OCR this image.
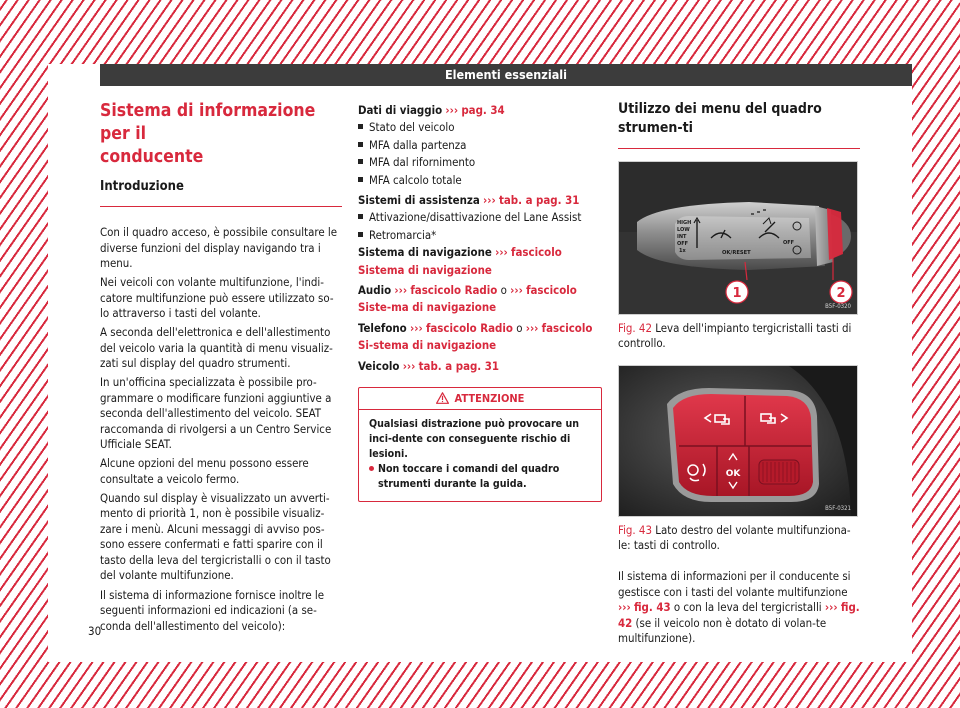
Elementi essenziali
Sistema di informazione per il
conducente
Introduzione

Con il quadro acceso, è possibile consultare le diverse funzioni del display navigando tra i menu.

Nei veicoli con volante multifunzione, l'indi-catore multifunzione può essere utilizzato so-lo attraverso i tasti del volante.

A seconda dell'elettronica e dell'allestimento del veicolo varia la quantità di menu visualiz-zati sul display del quadro strumenti.

In un'officina specializzata è possibile pro-grammare o modificare funzioni aggiuntive a seconda dell'allestimento del veicolo. SEAT raccomanda di rivolgersi a un Centro Service Ufficiale SEAT.

Alcune opzioni del menu possono essere consultate a veicolo fermo.

Quando sul display è visualizzato un avverti-mento di priorità 1, non è possibile visualiz-zare i menù. Alcuni messaggi di avviso pos-sono essere confermati e fatti sparire con il tasto della leva del tergicristalli o con il tasto del volante multifunzione.

Il sistema di informazione fornisce inoltre le seguenti informazioni ed indicazioni (a se-conda dell'allestimento del veicolo):

Dati di viaggio ››› pag. 34
Stato del veicolo
MFA dalla partenza
MFA dal rifornimento
MFA calcolo totale
Sistemi di assistenza ››› tab. a pag. 31
Attivazione/disattivazione del Lane Assist
Retromarcia*
Sistema di navigazione ››› fascicolo Sistema di navigazione
Audio ››› fascicolo Radio o ››› fascicolo Siste-ma di navigazione
Telefono ››› fascicolo Radio o ››› fascicolo Si-stema di navigazione
Veicolo ››› tab. a pag. 31
ATTENZIONE
Qualsiasi distrazione può provocare un inci-dente con conseguente rischio di lesioni.
Non toccare i comandi del quadro strumenti durante la guida.
Utilizzo dei menu del quadro strumen-ti
HIGH
LOW
INT
OFF
1x	OK/RESET
OFF
1	2
B5F-0320
Fig. 42 Leva dell'impianto tergicristalli tasti di controllo.
OK
B5F-0321
Fig. 43 Lato destro del volante multifunziona-le: tasti di controllo.

Il sistema di informazioni per il conducente si gestisce con i tasti del volante multifunzione ››› fig. 43 o con la leva del tergicristalli ››› fig. 42 (se il veicolo non è dotato di volan-te multifunzione).

30
